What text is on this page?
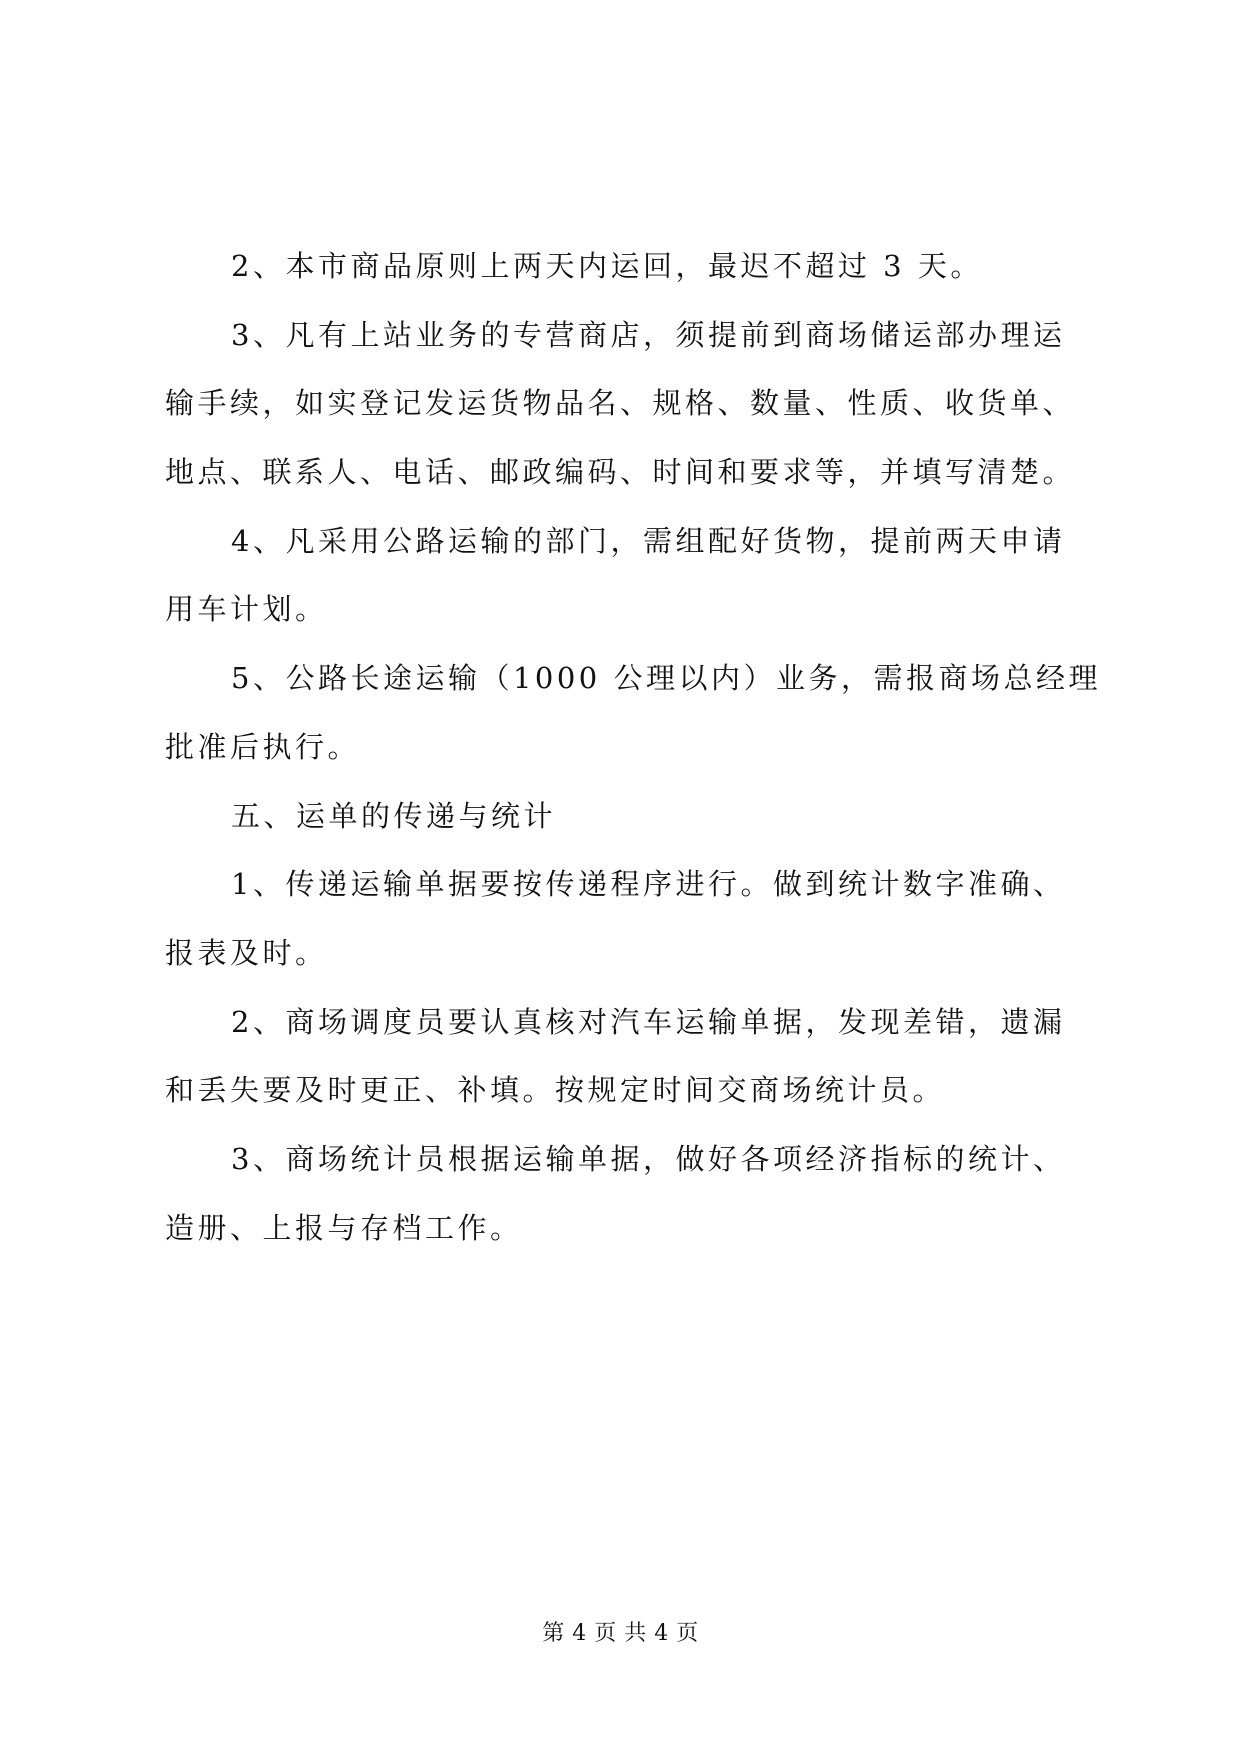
2、本市商品原则上两天内运回，最迟不超过 3 天。
3、凡有上站业务的专营商店，须提前到商场储运部办理运
输手续，如实登记发运货物品名、规格、数量、性质、收货单、
地点、联系人、电话、邮政编码、时间和要求等，并填写清楚。
4、凡采用公路运输的部门，需组配好货物，提前两天申请
用车计划。
5、公路长途运输（1000 公理以内）业务，需报商场总经理
批准后执行。
五、运单的传递与统计
1、传递运输单据要按传递程序进行。做到统计数字准确、
报表及时。
2、商场调度员要认真核对汽车运输单据，发现差错，遗漏
和丢失要及时更正、补填。按规定时间交商场统计员。
3、商场统计员根据运输单据，做好各项经济指标的统计、
造册、上报与存档工作。
第 4 页 共 4 页
